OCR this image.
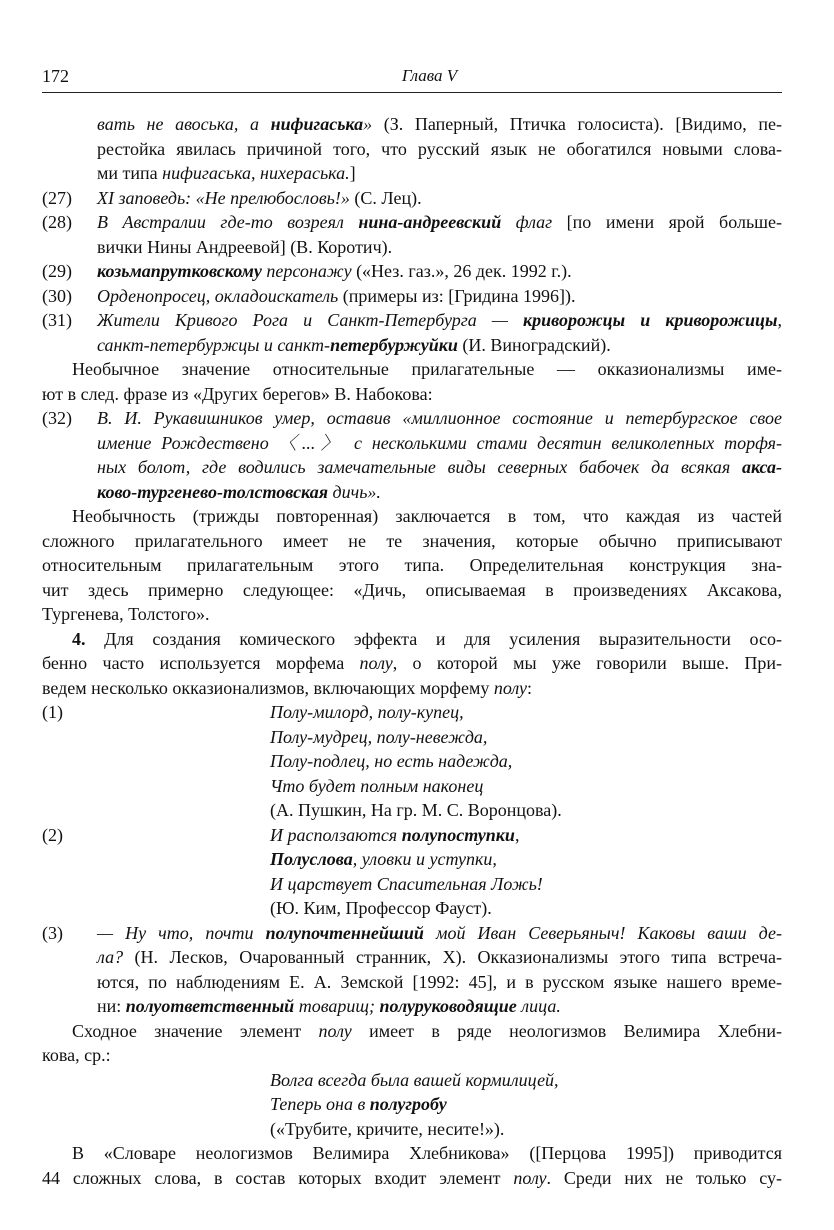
172	Глава V
вать не авоська, а нифигаська» (З. Паперный, Птичка голосиста). [Видимо, пе-
рестойка явилась причиной того, что русский язык не обогатился новыми слова-
ми типа нифигаська, нихераська.]
(27) XI заповедь: «Не прелюбословь!» (С. Лец).
(28) В Австралии где-то возреял нина-андреевский флаг [по имени ярой больше-
вички Нины Андреевой] (В. Коротич).
(29) козьмапрутковскому персонажу («Нез. газ.», 26 дек. 1992 г.).
(30) Орденопросец, окладоискатель (примеры из: [Гридина 1996]).
(31) Жители Кривого Рога и Санкт-Петербурга — криворожцы и криворожицы,
санкт-петербуржцы и санкт-петербуржуйки (И. Виноградский).
Необычное значение относительные прилагательные — окказионализмы име-
ют в след. фразе из «Других берегов» В. Набокова:
(32) В. И. Рукавишников умер, оставив «миллионное состояние и петербургское свое
имение Рождествено 〈...〉 с несколькими стами десятин великолепных торфя-
ных болот, где водились замечательные виды северных бабочек да всякая акса-
ково-тургенево-толстовская дичь».
Необычность (трижды повторенная) заключается в том, что каждая из частей
сложного прилагательного имеет не те значения, которые обычно приписывают
относительным прилагательным этого типа. Определительная конструкция зна-
чит здесь примерно следующее: «Дичь, описываемая в произведениях Аксакова,
Тургенева, Толстого».
4. Для создания комического эффекта и для усиления выразительности осо-
бенно часто используется морфема полу, о которой мы уже говорили выше. При-
ведем несколько окказионализмов, включающих морфему полу:
(1)	Полу-милорд, полу-купец,
Полу-мудрец, полу-невежда,
Полу-подлец, но есть надежда,
Что будет полным наконец
(А. Пушкин, На гр. М. С. Воронцова).
(2)	И расползаются полупоступки,
Полуслова, уловки и уступки,
И царствует Спасительная Ложь!
(Ю. Ким, Профессор Фауст).
(3) — Ну что, почти полупочтеннейший мой Иван Северьяныч! Каковы ваши де-
ла? (Н. Лесков, Очарованный странник, X). Окказионализмы этого типа встреча-
ются, по наблюдениям Е. А. Земской [1992: 45], и в русском языке нашего време-
ни: полуответственный товарищ; полуруководящие лица.
Сходное значение элемент полу имеет в ряде неологизмов Велимира Хлебни-
кова, ср.:
Волга всегда была вашей кормилицей,
Теперь она в полугробу
(«Трубите, кричите, несите!»).
В «Словаре неологизмов Велимира Хлебникова» ([Перцова 1995]) приводится
44 сложных слова, в состав которых входит элемент полу. Среди них не только су-
